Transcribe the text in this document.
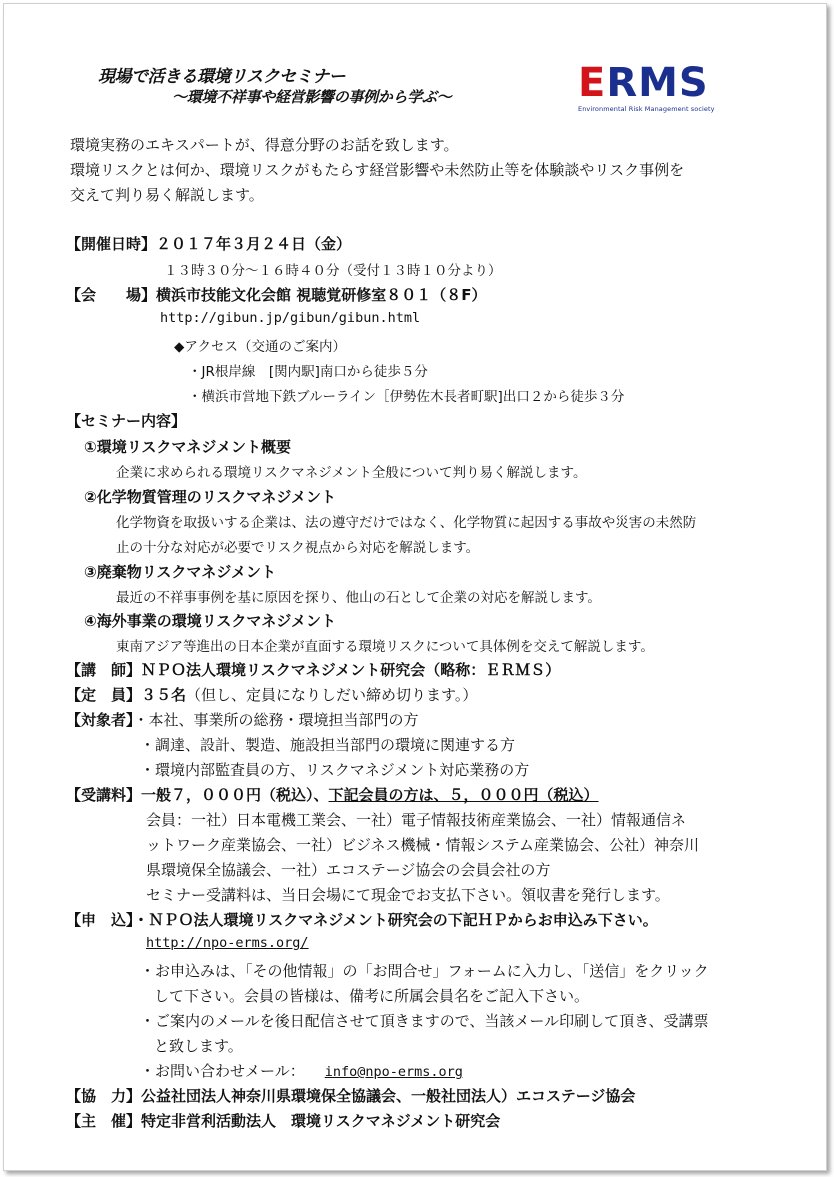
現場で活きる環境リスクセミナー
～環境不祥事や経営影響の事例から学ぶ～	ERMS
Environmental Risk Management society
環境実務のエキスパートが、得意分野のお話を致します。
環境リスクとは何か、環境リスクがもたらす経営影響や未然防止等を体験談やリスク事例を
交えて判り易く解説します。
【開催日時】２０１７年３月２４日（金）
１３時３０分～１６時４０分（受付１３時１０分より）
【会　　場】横浜市技能文化会館 視聴覚研修室８０１（８F）
http://gibun.jp/gibun/gibun.html
◆アクセス（交通のご案内）
・JR根岸線　[関内駅]南口から徒歩５分
・横浜市営地下鉄ブルーライン［伊勢佐木長者町駅]出口２から徒歩３分
【セミナー内容】
①環境リスクマネジメント概要
企業に求められる環境リスクマネジメント全般について判り易く解説します。
②化学物質管理のリスクマネジメント
化学物資を取扱いする企業は、法の遵守だけではなく、化学物質に起因する事故や災害の未然防
止の十分な対応が必要でリスク視点から対応を解説します。
③廃棄物リスクマネジメント
最近の不祥事事例を基に原因を探り、他山の石として企業の対応を解説します。
④海外事業の環境リスクマネジメント
東南アジア等進出の日本企業が直面する環境リスクについて具体例を交えて解説します。
【講　師】ＮＰＯ法人環境リスクマネジメント研究会（略称：ＥＲＭＳ）
【定　員】３５名（但し、定員になりしだい締め切ります。）
【対象者】・本社、事業所の総務・環境担当部門の方
・調達、設計、製造、施設担当部門の環境に関連する方
・環境内部監査員の方、リスクマネジメント対応業務の方
【受講料】一般７，０００円（税込）、下記会員の方は、５，０００円（税込）
会員：一社）日本電機工業会、一社）電子情報技術産業協会、一社）情報通信ネ
ットワーク産業協会、一社）ビジネス機械・情報システム産業協会、公社）神奈川
県環境保全協議会、一社）エコステージ協会の会員会社の方
セミナー受講料は、当日会場にて現金でお支払下さい。領収書を発行します。
【申　込】・ＮＰＯ法人環境リスクマネジメント研究会の下記ＨＰからお申込み下さい。
http://npo-erms.org/
・お申込みは、「その他情報」の「お問合せ」フォームに入力し、「送信」をクリック
して下さい。会員の皆様は、備考に所属会員名をご記入下さい。
・ご案内のメールを後日配信させて頂きますので、当該メール印刷して頂き、受講票
と致します。
・お問い合わせメール： info@npo-erms.org
【協　力】公益社団法人神奈川県環境保全協議会、一般社団法人）エコステージ協会
【主　催】特定非営利活動法人　環境リスクマネジメント研究会
